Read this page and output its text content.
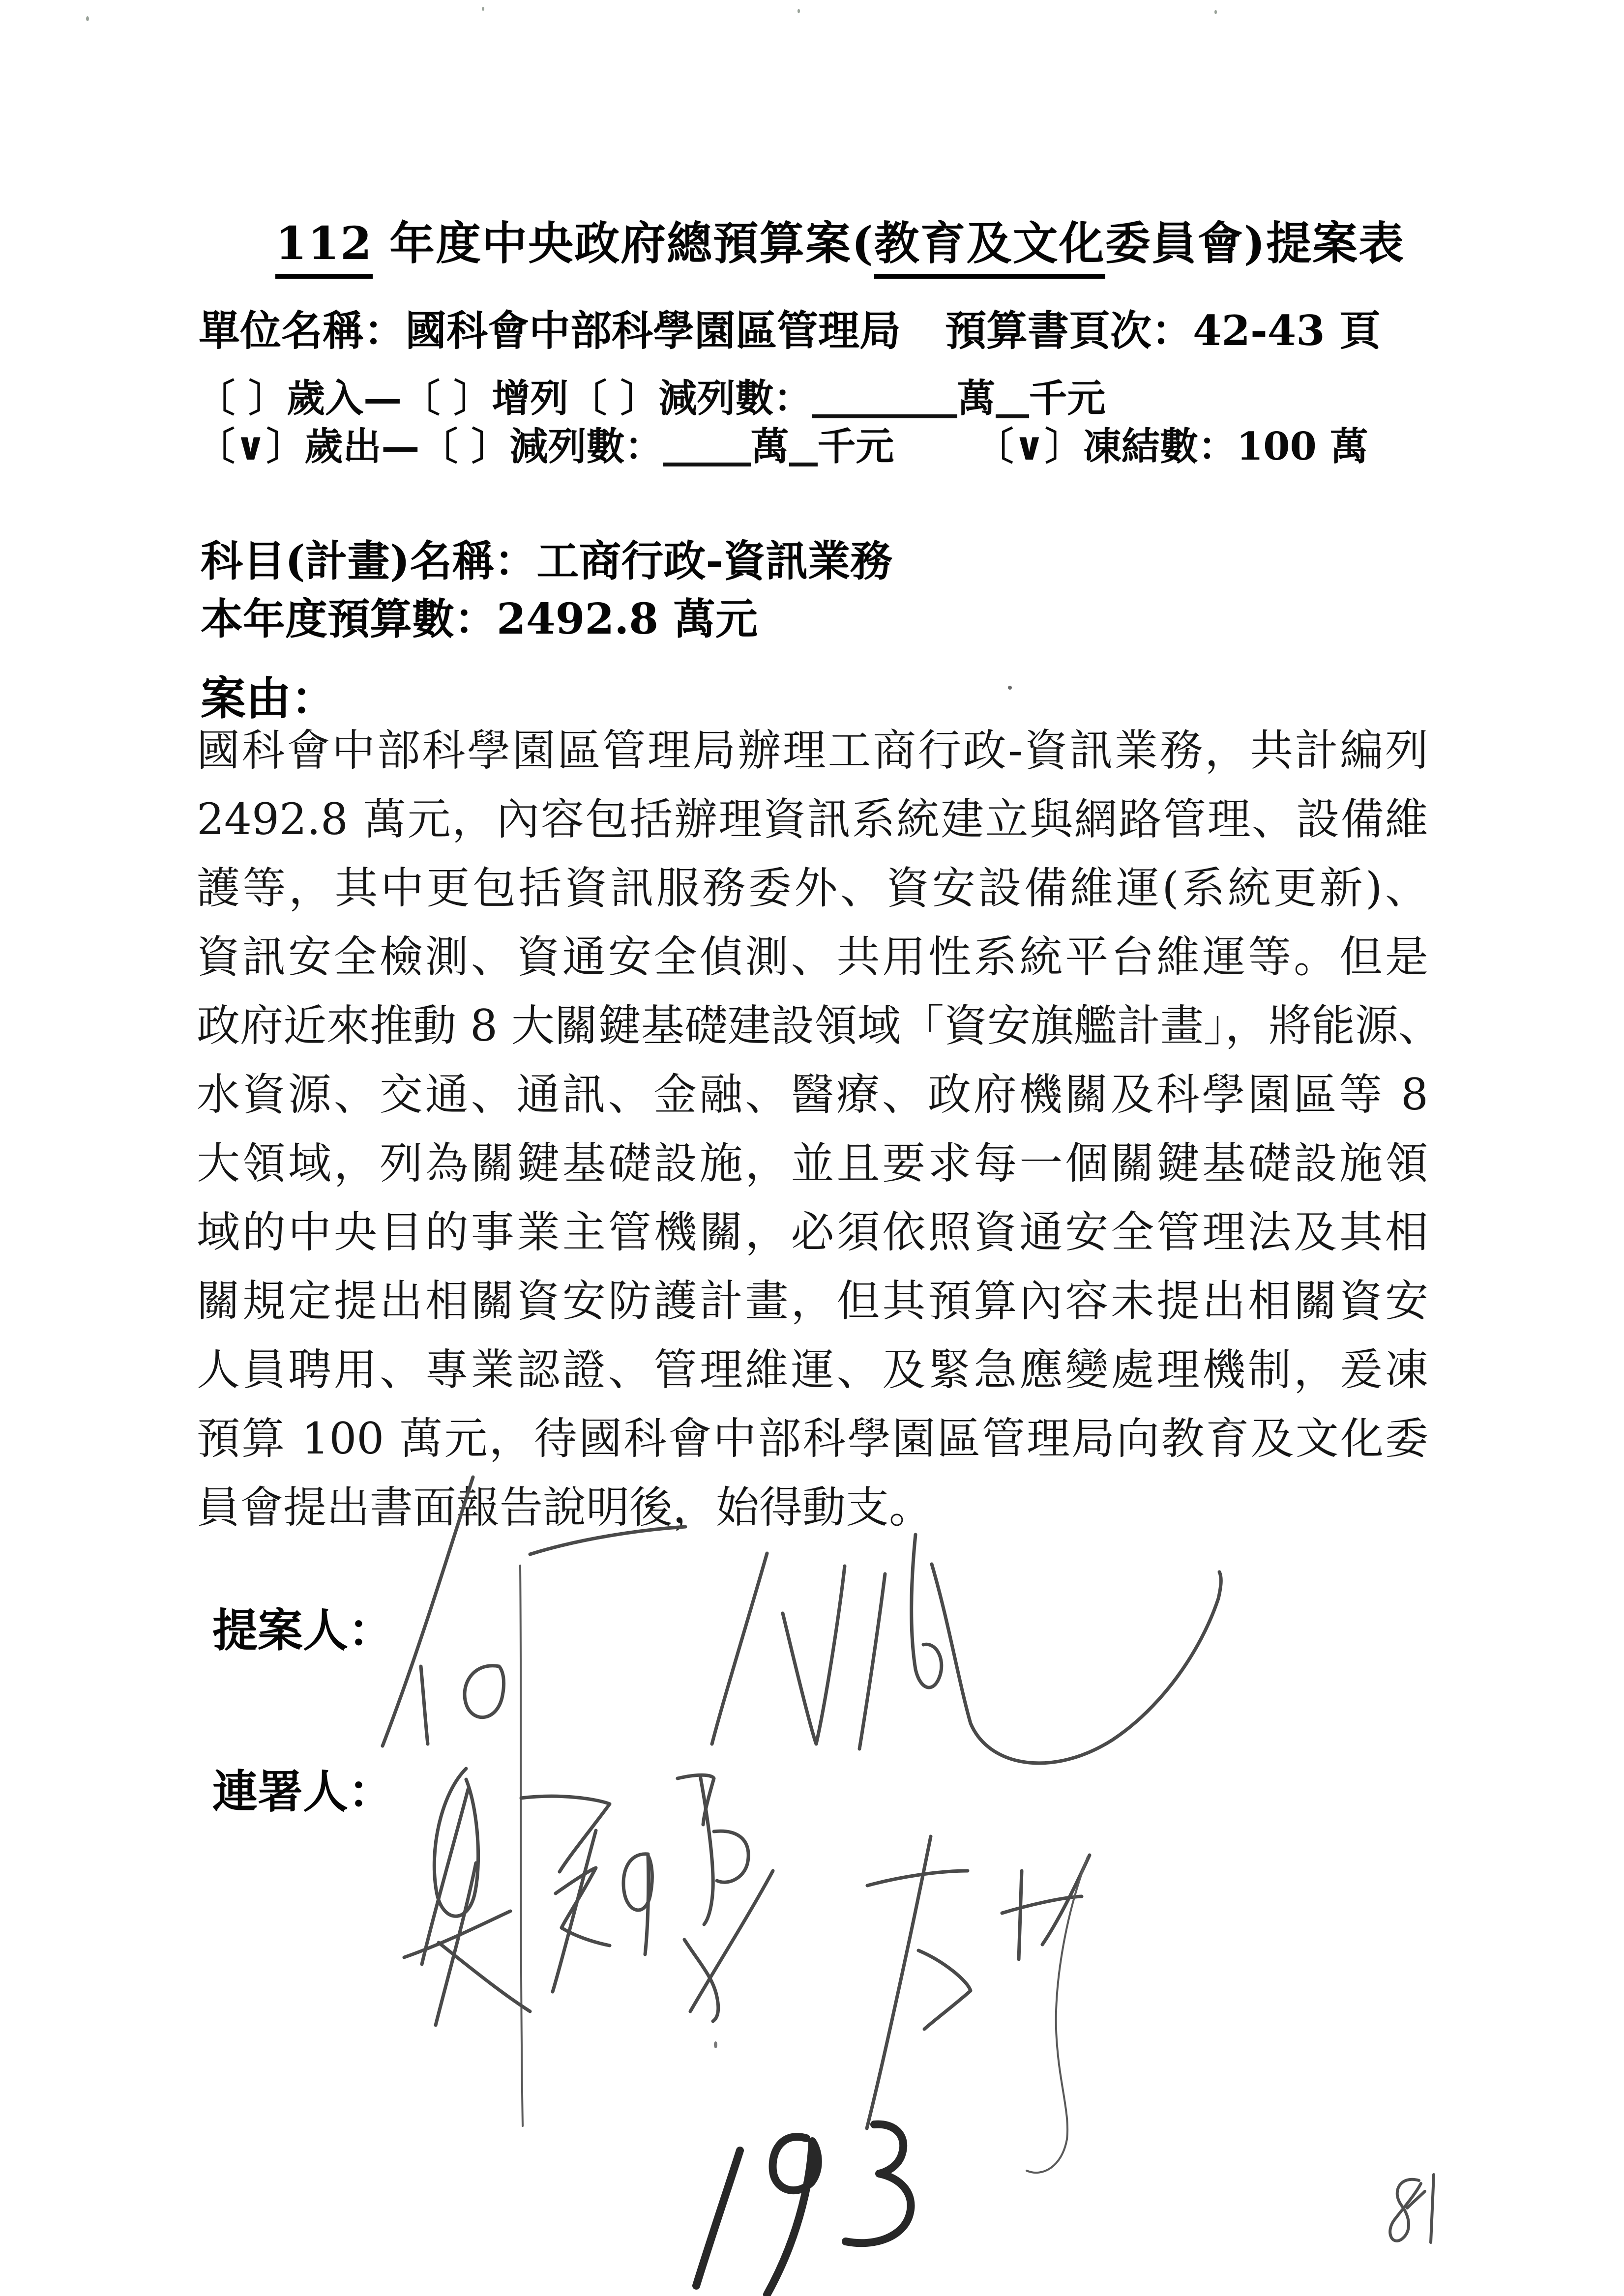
112 年度中央政府總預算案(教育及文化委員會)提案表
單位名稱：國科會中部科學園區管理局 預算書頁次：42-43 頁
〔 〕歲入—〔 〕增列〔 〕減列數：	萬 千元
〔∨〕歲出—〔 〕減列數： 萬 千元 〔∨〕凍結數：100 萬
科目(計畫)名稱：工商行政-資訊業務
本年度預算數：2492.8 萬元
案由：
國科會中部科學園區管理局辦理工商行政-資訊業務，共計編列
2492.8 萬元，內容包括辦理資訊系統建立與網路管理、設備維
護等，其中更包括資訊服務委外、資安設備維運(系統更新)、
資訊安全檢測、資通安全偵測、共用性系統平台維運等。但是
政府近來推動 8 大關鍵基礎建設領域「資安旗艦計畫」，將能源、
水資源、交通、通訊、金融、醫療、政府機關及科學園區等 8
大領域，列為關鍵基礎設施，並且要求每一個關鍵基礎設施領
域的中央目的事業主管機關，必須依照資通安全管理法及其相
關規定提出相關資安防護計畫，但其預算內容未提出相關資安
人員聘用、專業認證、管理維運、及緊急應變處理機制，爰凍
預算 100 萬元，待國科會中部科學園區管理局向教育及文化委
員會提出書面報告說明後，始得動支。
提案人：
連署人：
